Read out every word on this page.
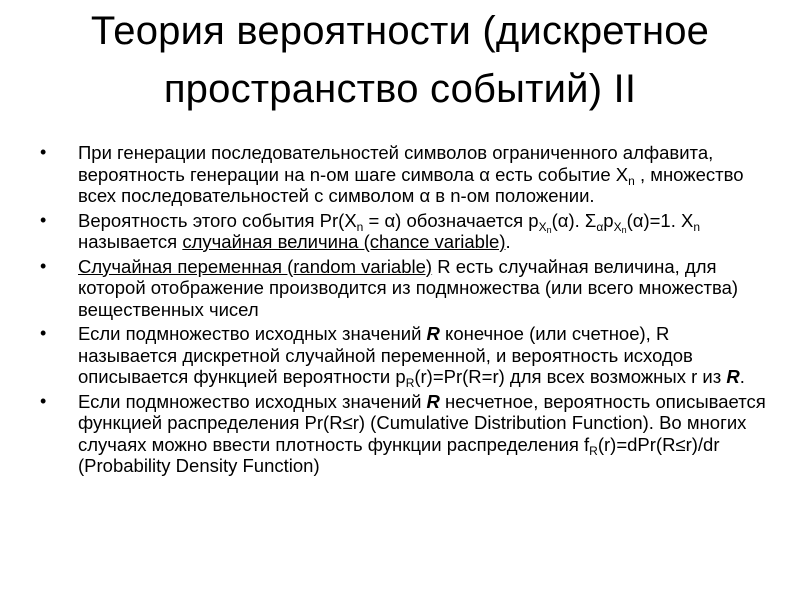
Теория вероятности (дискретное
пространство событий) II
• При генерации последовательностей символов ограниченного алфавита, вероятность генерации на n-ом шаге символа α есть событие $X_n$ , множество всех последовательностей с символом α в n-ом положении.
• Вероятность этого события $Pr(X_n = \alpha)$ обозначается $p_{Xn}(\alpha)$. $\Sigma_\alpha p_{Xn}(\alpha)=1$. $X_n$ называется случайная величина (chance variable).
• Случайная переменная (random variable) R есть случайная величина, для которой отображение производится из подмножества (или всего множества) вещественных чисел
• Если подмножество исходных значений R конечное (или счетное), R называется дискретной случайной переменной, и вероятность исходов описывается функцией вероятности $p_R(r)=Pr(R=r)$ для всех возможных r из R.
• Если подмножество исходных значений R несчетное, вероятность описывается функцией распределения Pr(R≤r) (Cumulative Distribution Function). Во многих случаях можно ввести плотность функции распределения $f_R(r)=dPr(R\le r)/dr$ (Probability Density Function)
